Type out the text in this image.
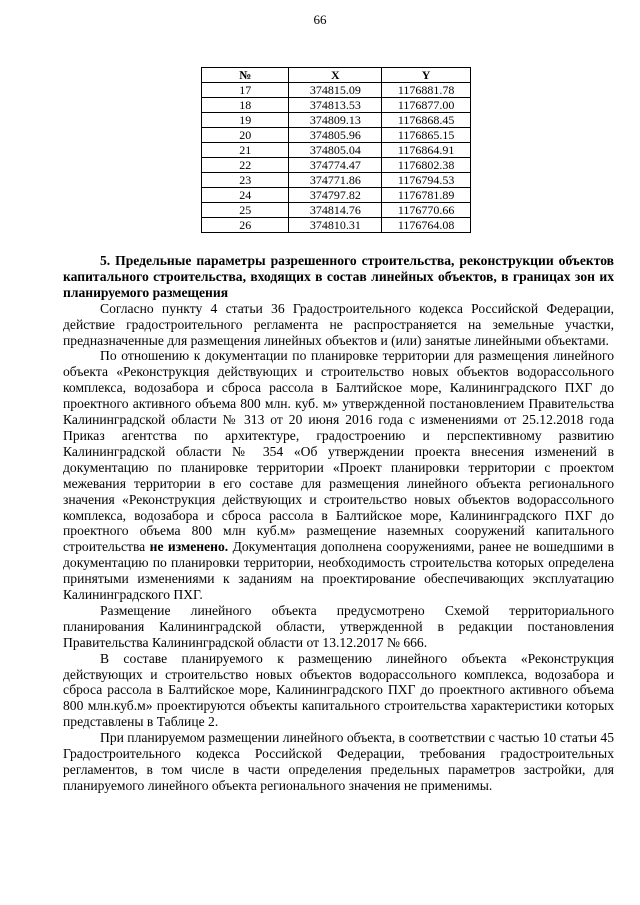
66
№	X	Y
17	374815.09	1176881.78
18	374813.53	1176877.00
19	374809.13	1176868.45
20	374805.96	1176865.15
21	374805.04	1176864.91
22	374774.47	1176802.38
23	374771.86	1176794.53
24	374797.82	1176781.89
25	374814.76	1176770.66
26	374810.31	1176764.08

5. Предельные параметры разрешенного строительства, реконструкции объектов капитального строительства, входящих в состав линейных объектов, в границах зон их планируемого размещения

Согласно пункту 4 статьи 36 Градостроительного кодекса Российской Федерации, действие градостроительного регламента не распространяется на земельные участки, предназначенные для размещения линейных объектов и (или) занятые линейными объектами.

По отношению к документации по планировке территории для размещения линейного объекта «Реконструкция действующих и строительство новых объектов водорассольного комплекса, водозабора и сброса рассола в Балтийское море, Калининградского ПХГ до проектного активного объема 800 млн. куб. м» утвержденной постановлением Правительства Калининградской области № 313 от 20 июня 2016 года с изменениями от 25.12.2018 года Приказ агентства по архитектуре, градостроению и перспективному развитию Калининградской области № 354 «Об утверждении проекта внесения изменений в документацию по планировке территории «Проект планировки территории с проектом межевания территории в его составе для размещения линейного объекта регионального значения «Реконструкция действующих и строительство новых объектов водорассольного комплекса, водозабора и сброса рассола в Балтийское море, Калининградского ПХГ до проектного объема 800 млн куб.м» размещение наземных сооружений капитального строительства не изменено. Документация дополнена сооружениями, ранее не вошедшими в документацию по планировки территории, необходимость строительства которых определена принятыми изменениями к заданиям на проектирование обеспечивающих эксплуатацию Калининградского ПХГ.

Размещение линейного объекта предусмотрено Схемой территориального планирования Калининградской области, утвержденной в редакции постановления Правительства Калининградской области от 13.12.2017 № 666.

В составе планируемого к размещению линейного объекта «Реконструкция действующих и строительство новых объектов водорассольного комплекса, водозабора и сброса рассола в Балтийское море, Калининградского ПХГ до проектного активного объема 800 млн.куб.м» проектируются объекты капитального строительства характеристики которых представлены в Таблице 2.

При планируемом размещении линейного объекта, в соответствии с частью 10 статьи 45 Градостроительного кодекса Российской Федерации, требования градостроительных регламентов, в том числе в части определения предельных параметров застройки, для планируемого линейного объекта регионального значения не применимы.
